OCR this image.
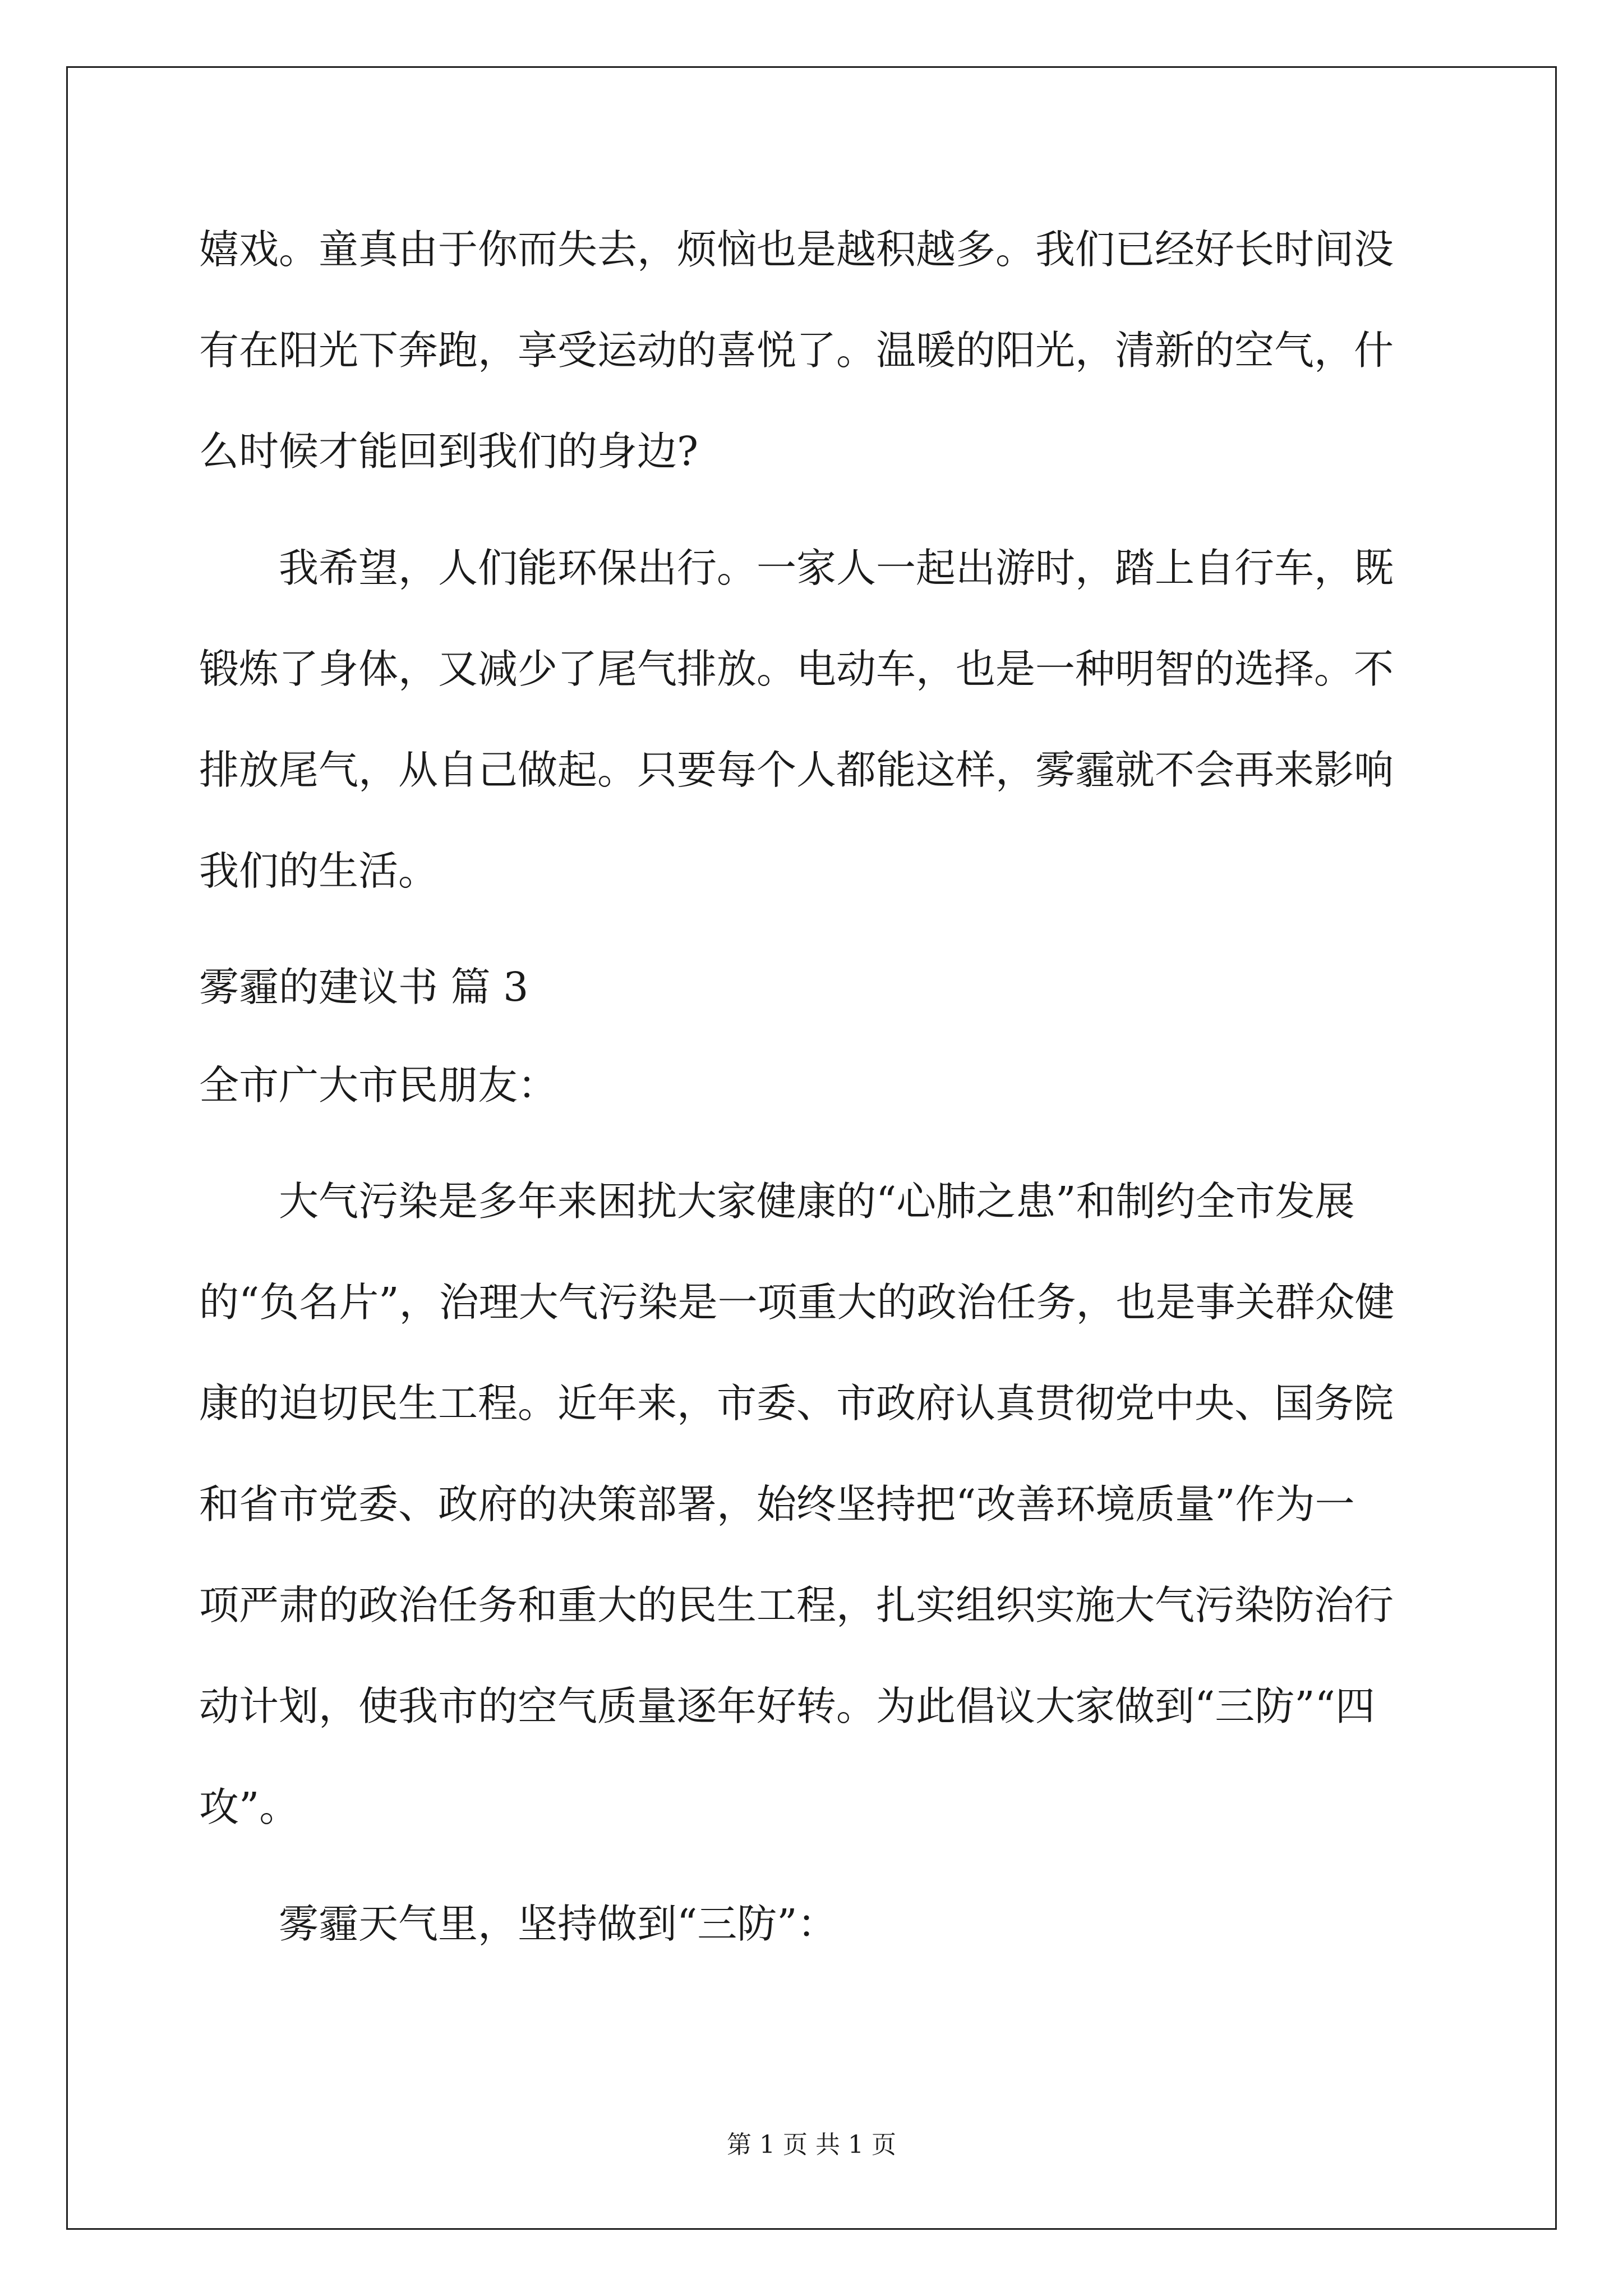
嬉戏。童真由于你而失去，烦恼也是越积越多。我们已经好长时间没
有在阳光下奔跑，享受运动的喜悦了。温暖的阳光，清新的空气，什
么时候才能回到我们的身边?
我希望，人们能环保出行。一家人一起出游时，踏上自行车，既
锻炼了身体，又减少了尾气排放。电动车，也是一种明智的选择。不
排放尾气，从自己做起。只要每个人都能这样，雾霾就不会再来影响
我们的生活。
雾霾的建议书 篇 3
全市广大市民朋友：
大气污染是多年来困扰大家健康的“心肺之患”和制约全市发展
的“负名片”，治理大气污染是一项重大的政治任务，也是事关群众健
康的迫切民生工程。近年来，市委、市政府认真贯彻党中央、国务院
和省市党委、政府的决策部署，始终坚持把“改善环境质量”作为一
项严肃的政治任务和重大的民生工程，扎实组织实施大气污染防治行
动计划，使我市的空气质量逐年好转。为此倡议大家做到“三防”“四
攻”。
雾霾天气里，坚持做到“三防”：
第 1 页 共 1 页
